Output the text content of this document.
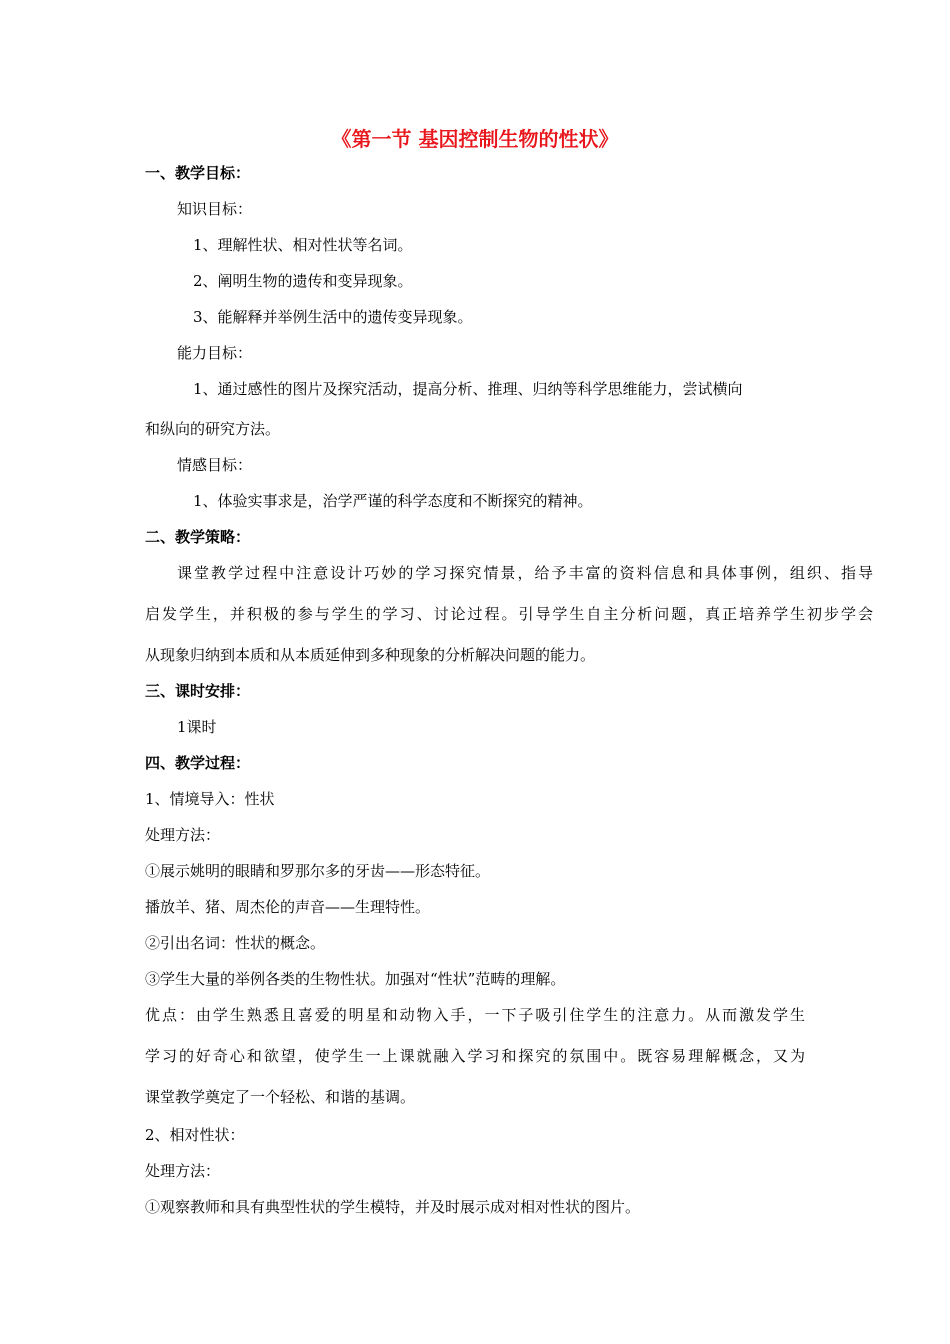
《第一节 基因控制生物的性状》
一、教学目标：
知识目标：
1、理解性状、相对性状等名词。
2、阐明生物的遗传和变异现象。
3、能解释并举例生活中的遗传变异现象。
能力目标：
1、通过感性的图片及探究活动，提高分析、推理、归纳等科学思维能力，尝试横向
和纵向的研究方法。
情感目标：
1、体验实事求是，治学严谨的科学态度和不断探究的精神。
二、教学策略：
课堂教学过程中注意设计巧妙的学习探究情景，给予丰富的资料信息和具体事例，组织、指导
启发学生，并积极的参与学生的学习、讨论过程。引导学生自主分析问题，真正培养学生初步学会
从现象归纳到本质和从本质延伸到多种现象的分析解决问题的能力。
三、课时安排：
1课时
四、教学过程：
1、情境导入：性状
处理方法：
①展示姚明的眼睛和罗那尔多的牙齿——形态特征。
播放羊、猪、周杰伦的声音——生理特性。
②引出名词：性状的概念。
③学生大量的举例各类的生物性状。加强对“性状”范畴的理解。
优点：由学生熟悉且喜爱的明星和动物入手，一下子吸引住学生的注意力。从而激发学生
学习的好奇心和欲望，使学生一上课就融入学习和探究的氛围中。既容易理解概念，又为
课堂教学奠定了一个轻松、和谐的基调。
2、相对性状：
处理方法：
①观察教师和具有典型性状的学生模特，并及时展示成对相对性状的图片。
